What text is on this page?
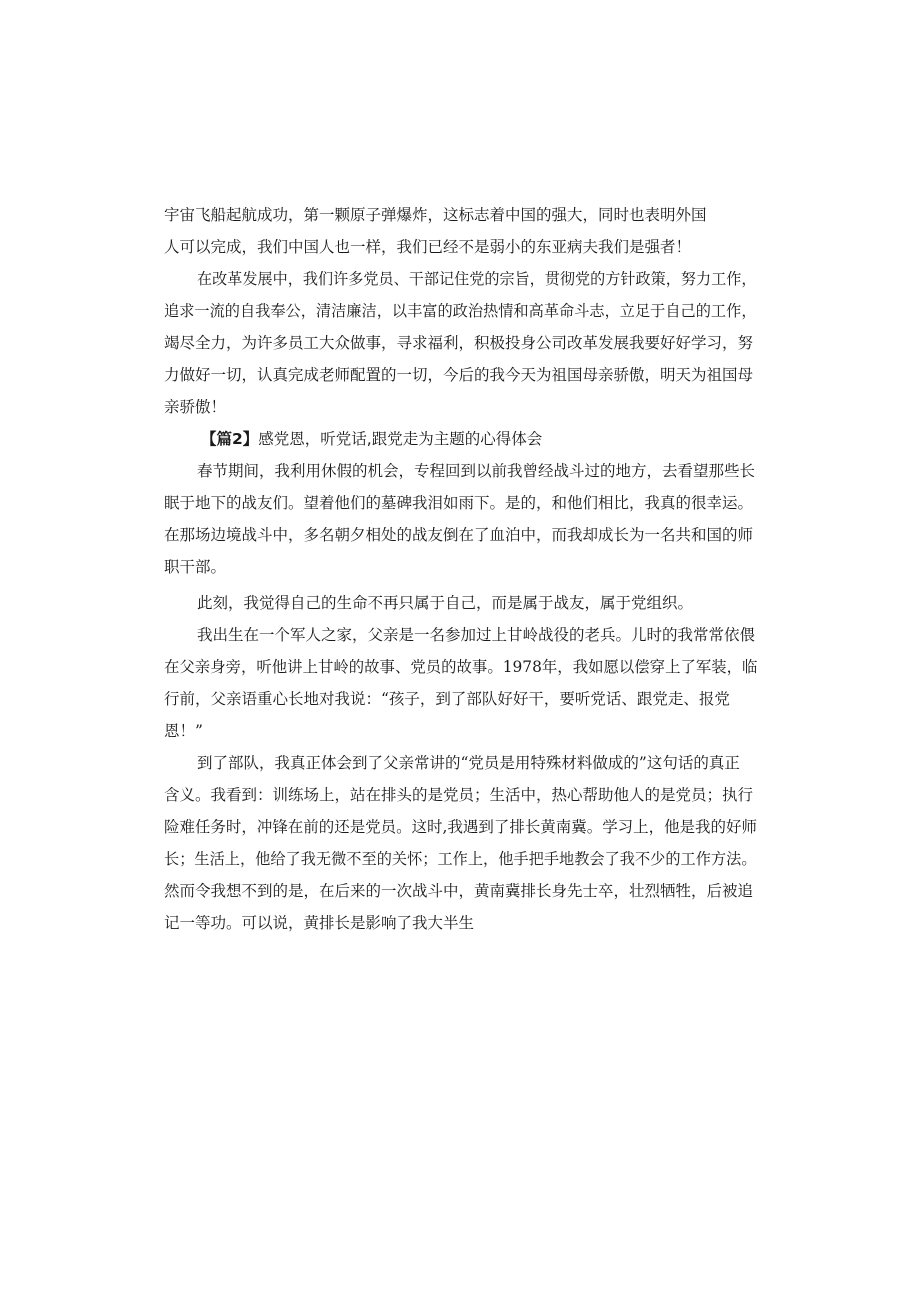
宇宙飞船起航成功，第一颗原子弹爆炸，这标志着中国的强大，同时也表明外国
人可以完成，我们中国人也一样，我们已经不是弱小的东亚病夫我们是强者！
在改革发展中，我们许多党员、干部记住党的宗旨，贯彻党的方针政策，努力工作，
追求一流的自我奉公，清洁廉洁，以丰富的政治热情和高革命斗志，立足于自己的工作，
竭尽全力，为许多员工大众做事，寻求福利，积极投身公司改革发展我要好好学习，努
力做好一切，认真完成老师配置的一切，今后的我今天为祖国母亲骄傲，明天为祖国母
亲骄傲！
【篇2】感党恩，听党话,跟党走为主题的心得体会
春节期间，我利用休假的机会，专程回到以前我曾经战斗过的地方，去看望那些长
眠于地下的战友们。望着他们的墓碑我泪如雨下。是的，和他们相比，我真的很幸运。
在那场边境战斗中，多名朝夕相处的战友倒在了血泊中，而我却成长为一名共和国的师
职干部。
此刻，我觉得自己的生命不再只属于自己，而是属于战友，属于党组织。
我出生在一个军人之家，父亲是一名参加过上甘岭战役的老兵。儿时的我常常依偎
在父亲身旁，听他讲上甘岭的故事、党员的故事。1978年，我如愿以偿穿上了军装，临
行前，父亲语重心长地对我说：“孩子，到了部队好好干，要听党话、跟党走、报党
恩！”
到了部队，我真正体会到了父亲常讲的“党员是用特殊材料做成的”这句话的真正
含义。我看到：训练场上，站在排头的是党员；生活中，热心帮助他人的是党员；执行
险难任务时，冲锋在前的还是党员。这时,我遇到了排长黄南冀。学习上，他是我的好师
长；生活上，他给了我无微不至的关怀；工作上，他手把手地教会了我不少的工作方法。
然而令我想不到的是，在后来的一次战斗中，黄南冀排长身先士卒，壮烈牺牲，后被追
记一等功。可以说，黄排长是影响了我大半生
